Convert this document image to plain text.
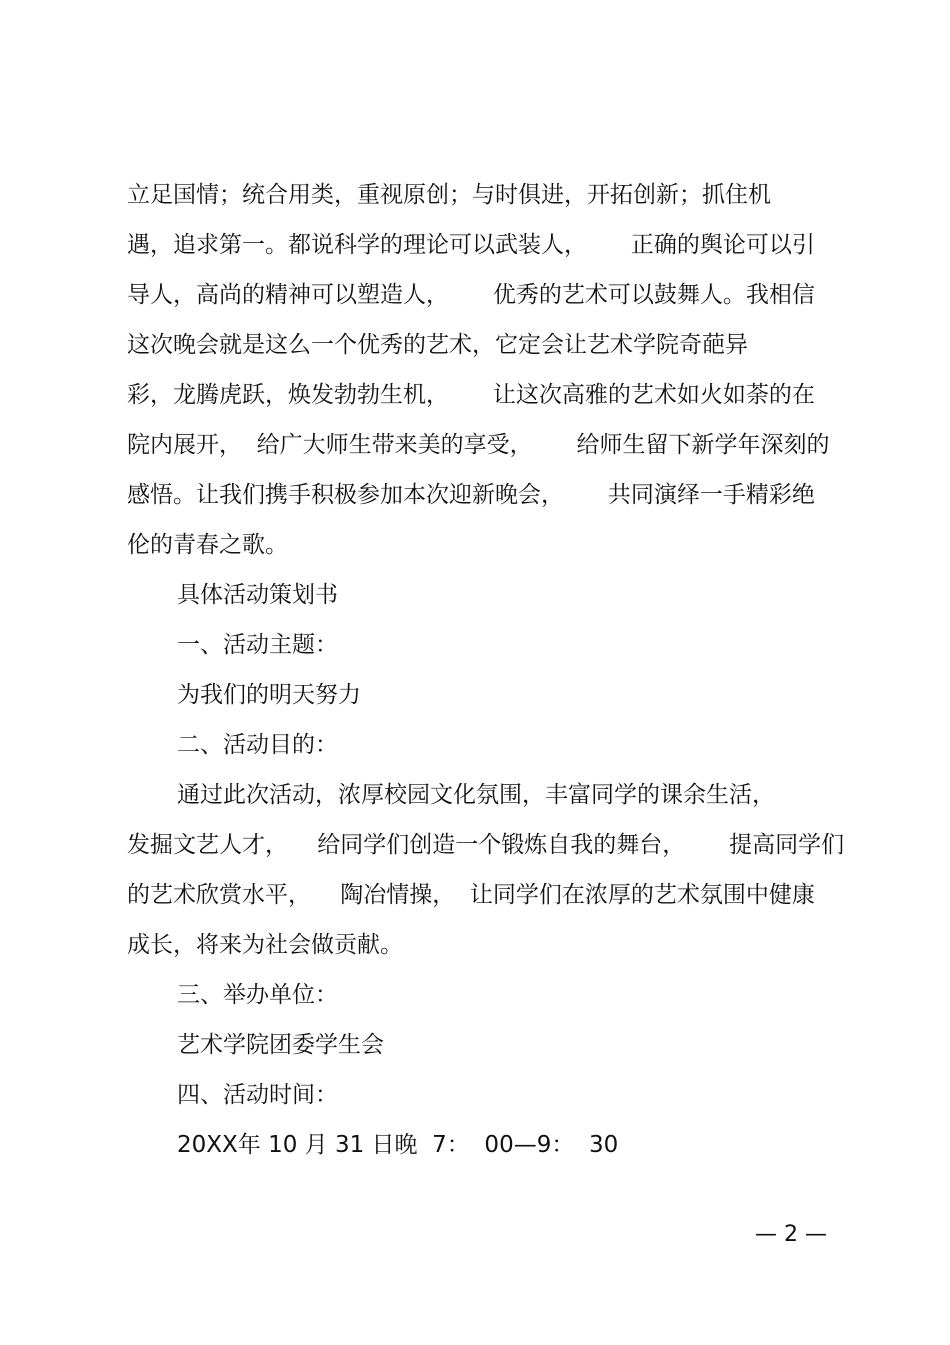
立足国情；统合用类，重视原创；与时俱进，开拓创新；抓住机
遇，追求第一。都说科学的理论可以武装人，      正确的舆论可以引
导人，高尚的精神可以塑造人，      优秀的艺术可以鼓舞人。我相信
这次晚会就是这么一个优秀的艺术，它定会让艺术学院奇葩异
彩，龙腾虎跃，焕发勃勃生机，      让这次高雅的艺术如火如荼的在
院内展开，  给广大师生带来美的享受，      给师生留下新学年深刻的
感悟。让我们携手积极参加本次迎新晚会，      共同演绎一手精彩绝
伦的青春之歌。
具体活动策划书
一、活动主题：
为我们的明天努力
二、活动目的：
通过此次活动，浓厚校园文化氛围，丰富同学的课余生活，
发掘文艺人才，    给同学们创造一个锻炼自我的舞台，      提高同学们
的艺术欣赏水平，    陶冶情操，  让同学们在浓厚的艺术氛围中健康
成长，将来为社会做贡献。
三、举办单位：
艺术学院团委学生会
四、活动时间：
20XX年 10 月 31 日晚  7：  00—9：  30
— 2 —
